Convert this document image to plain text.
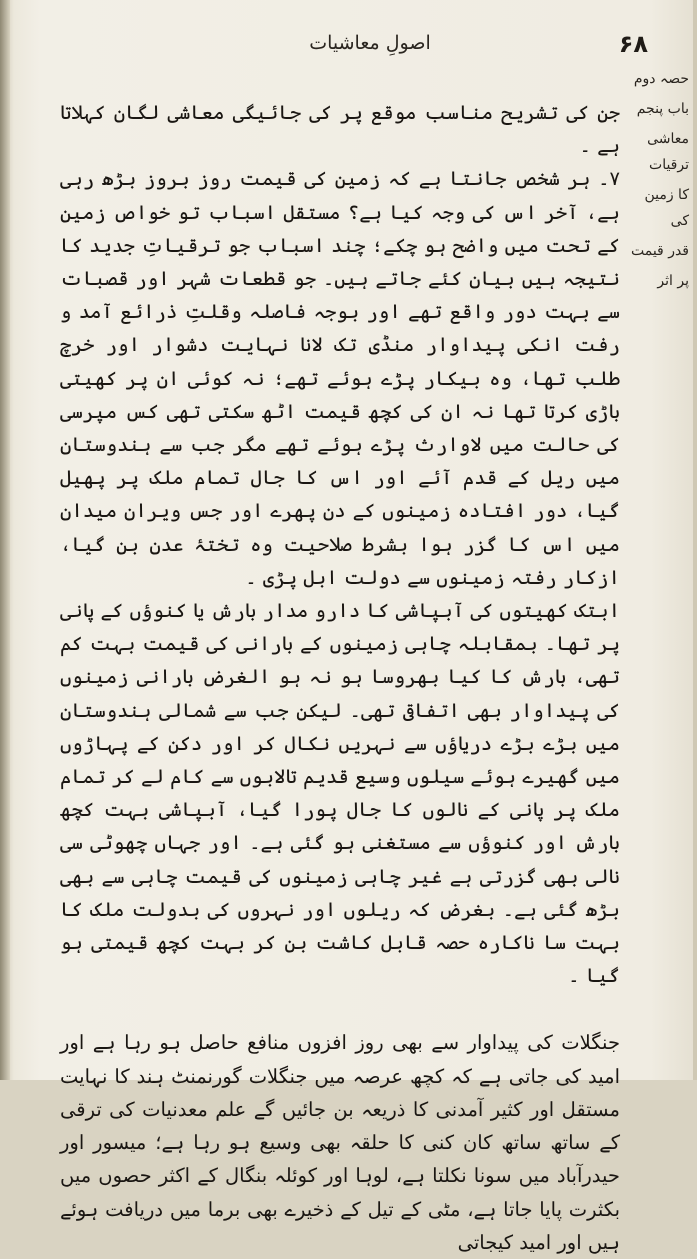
اصولِ معاشیات	۶۸
حصہ دوم
باب پنجم
معاشی ترقیات
کا زمین کی
قدر قیمت
پر اثر

جن کی تشریح مناسب موقع پر کی جائیگی معاشی لگان کہلاتا ہے ۔

۷۔ ہر شخص جانتا ہے کہ زمین کی قیمت روز بروز بڑھ رہی ہے، آخر اس کی وجہ کیا ہے؟ مستقل اسباب تو خواص زمین کے تحت میں واضح ہو چکے؛ چند اسباب جو ترقیاتِ جدید کا نتیجہ ہیں بیان کئے جاتے ہیں۔ جو قطعات شہر اور قصبات سے بہت دور واقع تھے اور بوجہ فاصلہ وقلتِ ذرائع آمد و رفت انکی پیداوار منڈی تک لانا نہایت دشوار اور خرچ طلب تھا، وہ بیکار پڑے ہوئے تھے؛ نہ کوئی ان پر کھیتی باڑی کرتا تھا نہ ان کی کچھ قیمت اٹھ سکتی تھی کس مپرسی کی حالت میں لاوارث پڑے ہوئے تھے مگر جب سے ہندوستان میں ریل کے قدم آئے اور اس کا جال تمام ملک پر پھیل گیا، دور افتادہ زمینوں کے دن پھرے اور جس ویران میدان میں اس کا گزر ہوا بشرط صلاحیت وہ تختۂ عدن بن گیا، ازکار رفتہ زمینوں سے دولت ابل پڑی ۔

ابتک کھیتوں کی آبپاشی کا دارو مدار بارش یا کنوؤں کے پانی پر تھا۔ بمقابلہ چاہی زمینوں کے بارانی کی قیمت بہت کم تھی، بارش کا کیا بھروسا ہو نہ ہو الغرض بارانی زمینوں کی پیداوار بھی اتفاقی تھی۔ لیکن جب سے شمالی ہندوستان میں بڑے بڑے دریاؤں سے نہریں نکال کر اور دکن کے پہاڑوں میں گھیرے ہوئے سیلوں وسیع قدیم تالابوں سے کام لے کر تمام ملک پر پانی کے نالوں کا جال پورا گیا، آبپاشی بہت کچھ بارش اور کنوؤں سے مستغنی ہو گئی ہے۔ اور جہاں چھوٹی سی نالی بھی گزرتی ہے غیر چاہی زمینوں کی قیمت چاہی سے بھی بڑھ گئی ہے۔ بغرض کہ ریلوں اور نہروں کی بدولت ملک کا بہت سا ناکارہ حصہ قابل کاشت بن کر بہت کچھ قیمتی ہو گیا ۔

جنگلات کی پیداوار سے بھی روز افزوں منافع حاصل ہو رہا ہے اور امید کی جاتی ہے کہ کچھ عرصہ میں جنگلات گورنمنٹ ہند کا نہایت مستقل اور کثیر آمدنی کا ذریعہ بن جائیں گے علم معدنیات کی ترقی کے ساتھ ساتھ کان کنی کا حلقہ بھی وسیع ہو رہا ہے؛ میسور اور حیدرآباد میں سونا نکلتا ہے، لوہا اور کوئلہ بنگال کے اکثر حصوں میں بکثرت پایا جاتا ہے، مٹی کے تیل کے ذخیرے بھی برما میں دریافت ہوئے ہیں اور امید کیجاتی
